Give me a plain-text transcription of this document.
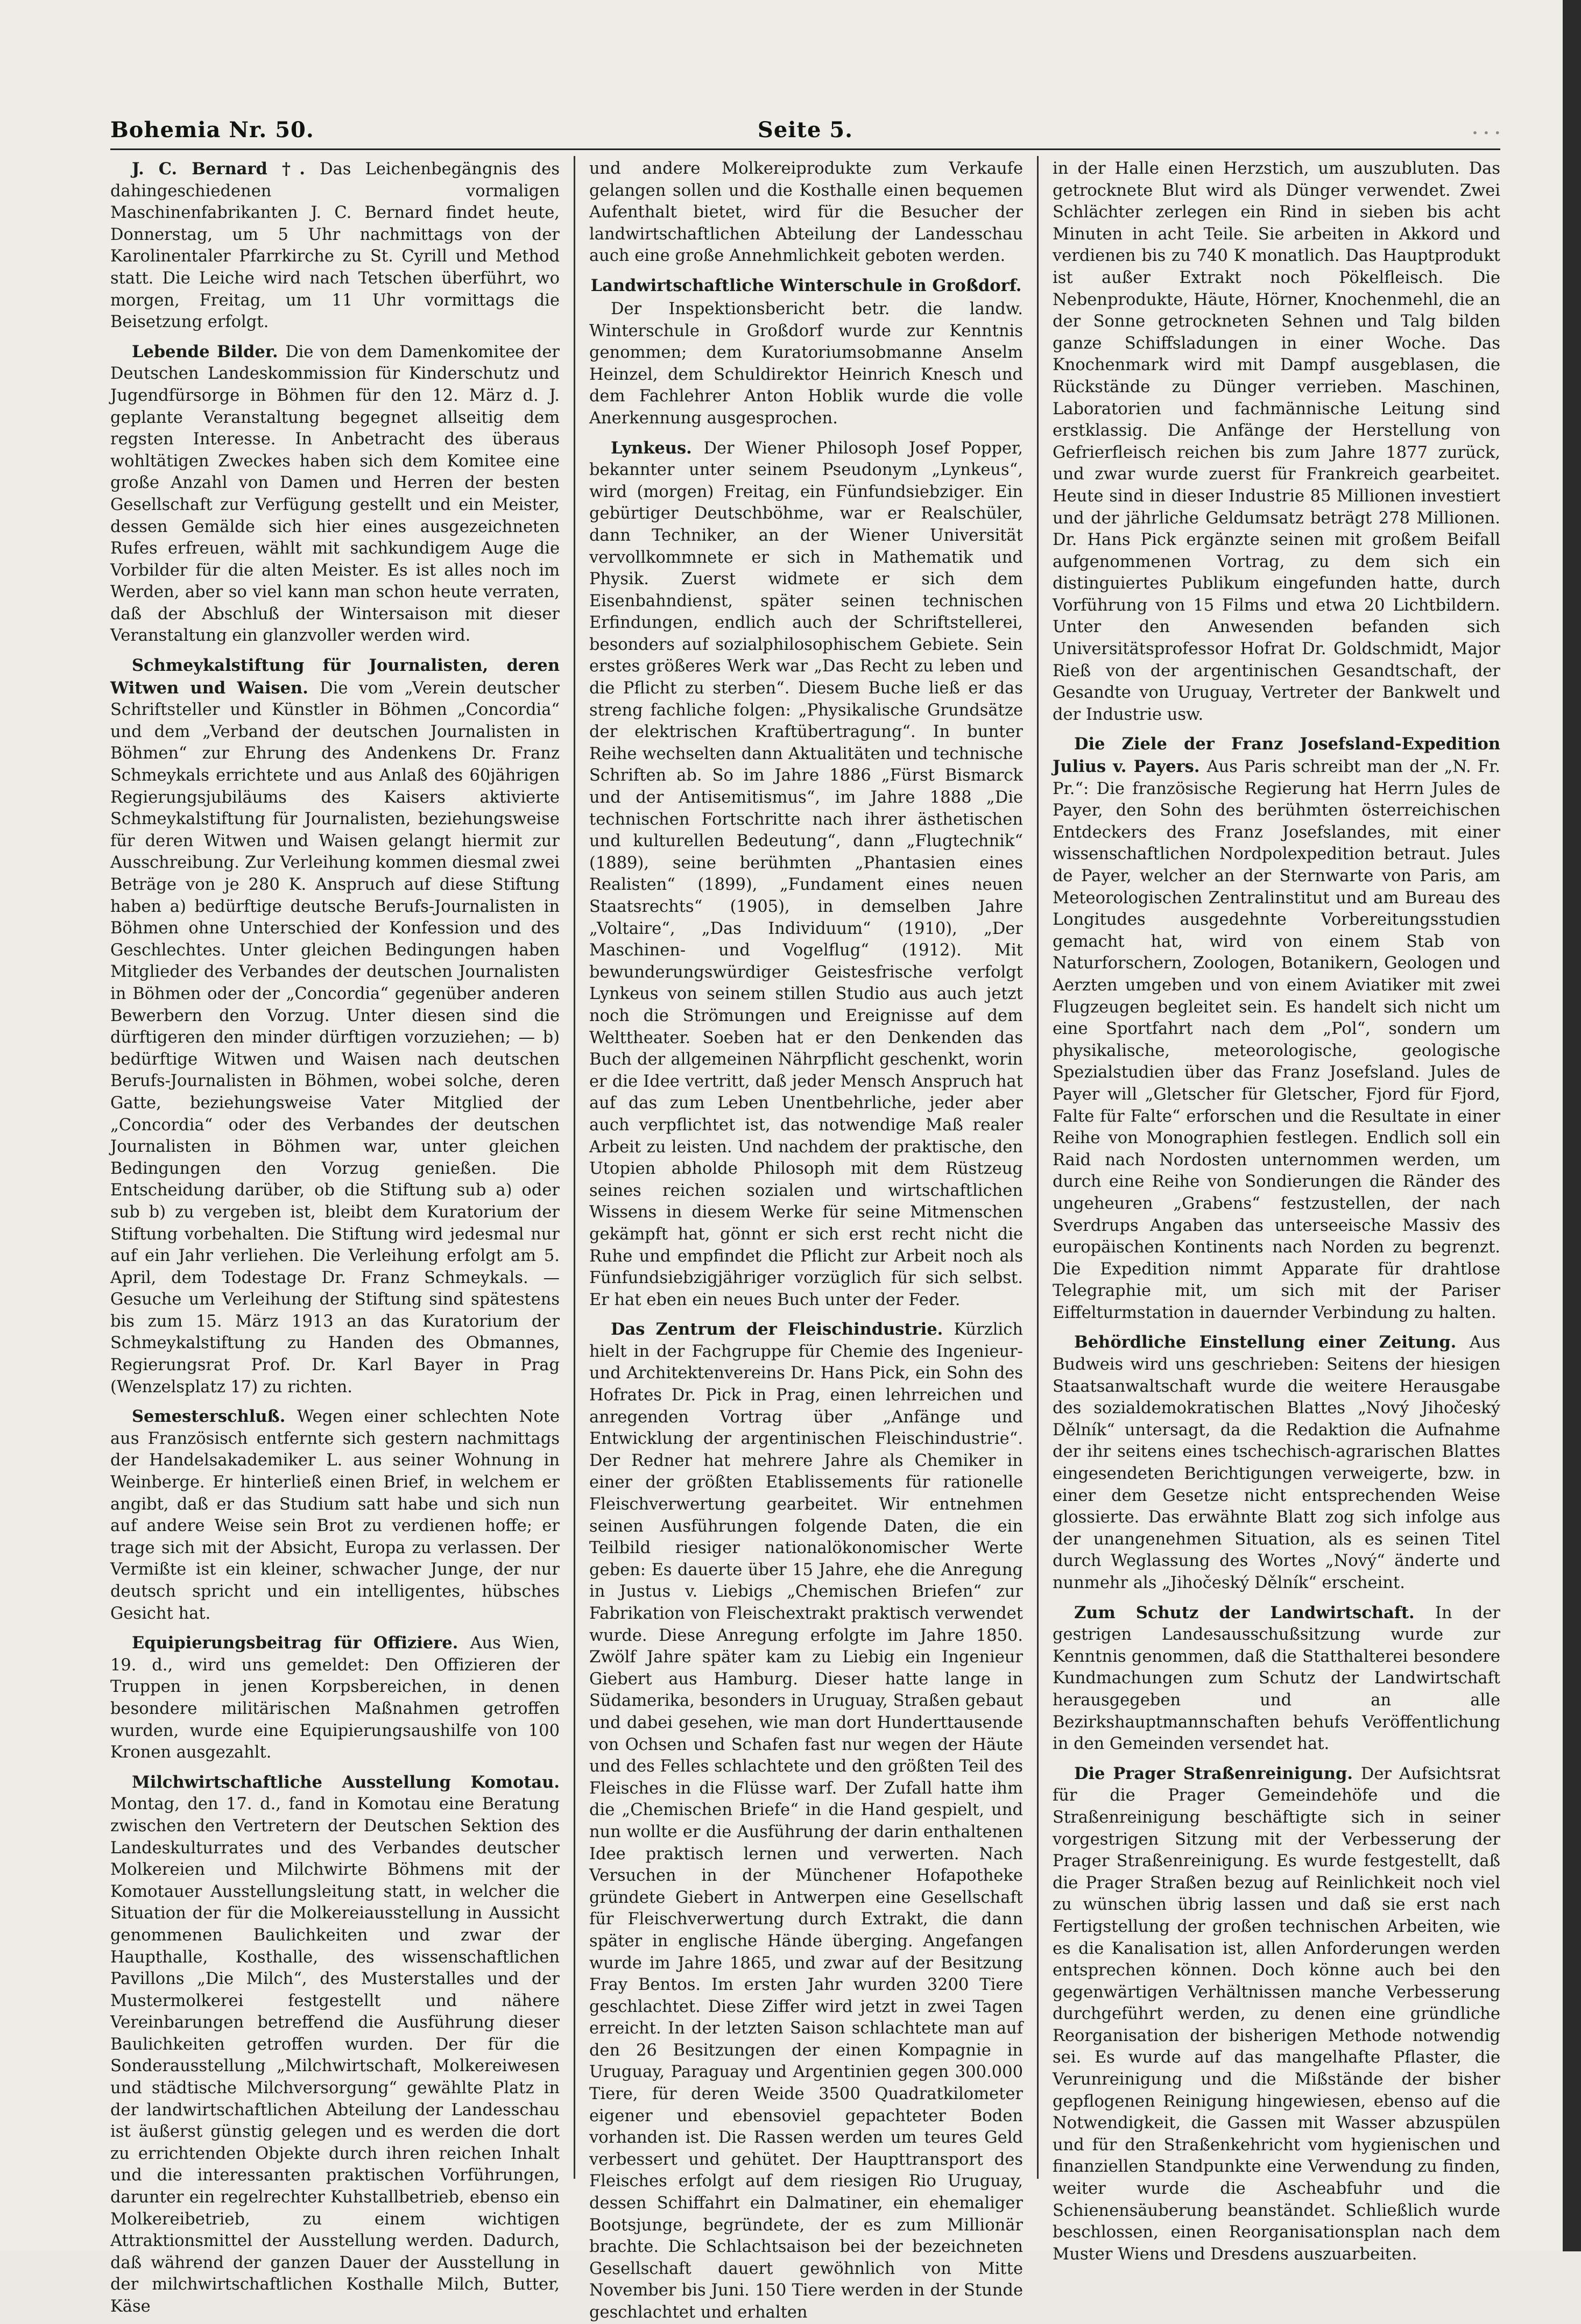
Bohemia Nr. 50.	Seite 5.	· · ·

J. C. Bernard †. Das Leichenbegängnis des dahingeschiedenen vormaligen Maschinenfabrikanten J. C. Bernard findet heute, Donnerstag, um 5 Uhr nachmittags von der Karolinentaler Pfarrkirche zu St. Cyrill und Method statt. Die Leiche wird nach Tetschen überführt, wo morgen, Freitag, um 11 Uhr vormittags die Beisetzung erfolgt.

Lebende Bilder. Die von dem Damenkomitee der Deutschen Landeskommission für Kinderschutz und Jugendfürsorge in Böhmen für den 12. März d. J. geplante Veranstaltung begegnet allseitig dem regsten Interesse. In Anbetracht des überaus wohltätigen Zweckes haben sich dem Komitee eine große Anzahl von Damen und Herren der besten Gesellschaft zur Verfügung gestellt und ein Meister, dessen Gemälde sich hier eines ausgezeichneten Rufes erfreuen, wählt mit sachkundigem Auge die Vorbilder für die alten Meister. Es ist alles noch im Werden, aber so viel kann man schon heute verraten, daß der Abschluß der Wintersaison mit dieser Veranstaltung ein glanzvoller werden wird.

Schmeykalstiftung für Journalisten, deren Witwen und Waisen. Die vom „Verein deutscher Schriftsteller und Künstler in Böhmen „Concordia“ und dem „Verband der deutschen Journalisten in Böhmen“ zur Ehrung des Andenkens Dr. Franz Schmeykals errichtete und aus Anlaß des 60jährigen Regierungsjubiläums des Kaisers aktivierte Schmeykalstiftung für Journalisten, beziehungsweise für deren Witwen und Waisen gelangt hiermit zur Ausschreibung. Zur Verleihung kommen diesmal zwei Beträge von je 280 K. Anspruch auf diese Stiftung haben a) bedürftige deutsche Berufs-Journalisten in Böhmen ohne Unterschied der Konfession und des Geschlechtes. Unter gleichen Bedingungen haben Mitglieder des Verbandes der deutschen Journalisten in Böhmen oder der „Concordia“ gegenüber anderen Bewerbern den Vorzug. Unter diesen sind die dürftigeren den minder dürftigen vorzuziehen; — b) bedürftige Witwen und Waisen nach deutschen Berufs-Journalisten in Böhmen, wobei solche, deren Gatte, beziehungsweise Vater Mitglied der „Concordia“ oder des Verbandes der deutschen Journalisten in Böhmen war, unter gleichen Bedingungen den Vorzug genießen. Die Entscheidung darüber, ob die Stiftung sub a) oder sub b) zu vergeben ist, bleibt dem Kuratorium der Stiftung vorbehalten. Die Stiftung wird jedesmal nur auf ein Jahr verliehen. Die Verleihung erfolgt am 5. April, dem Todestage Dr. Franz Schmeykals. — Gesuche um Verleihung der Stiftung sind spätestens bis zum 15. März 1913 an das Kuratorium der Schmeykalstiftung zu Handen des Obmannes, Regierungsrat Prof. Dr. Karl Bayer in Prag (Wenzelsplatz 17) zu richten.

Semesterschluß. Wegen einer schlechten Note aus Französisch entfernte sich gestern nachmittags der Handelsakademiker L. aus seiner Wohnung in Weinberge. Er hinterließ einen Brief, in welchem er angibt, daß er das Studium satt habe und sich nun auf andere Weise sein Brot zu verdienen hoffe; er trage sich mit der Absicht, Europa zu verlassen. Der Vermißte ist ein kleiner, schwacher Junge, der nur deutsch spricht und ein intelligentes, hübsches Gesicht hat.

Equipierungsbeitrag für Offiziere. Aus Wien, 19. d., wird uns gemeldet: Den Offizieren der Truppen in jenen Korpsbereichen, in denen besondere militärischen Maßnahmen getroffen wurden, wurde eine Equipierungsaushilfe von 100 Kronen ausgezahlt.

Milchwirtschaftliche Ausstellung Komotau. Montag, den 17. d., fand in Komotau eine Beratung zwischen den Vertretern der Deutschen Sektion des Landeskulturrates und des Verbandes deutscher Molkereien und Milchwirte Böhmens mit der Komotauer Ausstellungsleitung statt, in welcher die Situation der für die Molkereiausstellung in Aussicht genommenen Baulichkeiten und zwar der Haupthalle, Kosthalle, des wissenschaftlichen Pavillons „Die Milch“, des Musterstalles und der Mustermolkerei festgestellt und nähere Vereinbarungen betreffend die Ausführung dieser Baulichkeiten getroffen wurden. Der für die Sonderausstellung „Milchwirtschaft, Molkereiwesen und städtische Milchversorgung“ gewählte Platz in der landwirtschaftlichen Abteilung der Landesschau ist äußerst günstig gelegen und es werden die dort zu errichtenden Objekte durch ihren reichen Inhalt und die interessanten praktischen Vorführungen, darunter ein regelrechter Kuhstallbetrieb, ebenso ein Molkereibetrieb, zu einem wichtigen Attraktionsmittel der Ausstellung werden. Dadurch, daß während der ganzen Dauer der Ausstellung in der milchwirtschaftlichen Kosthalle Milch, Butter, Käse

und andere Molkereiprodukte zum Verkaufe gelangen sollen und die Kosthalle einen bequemen Aufenthalt bietet, wird für die Besucher der landwirtschaftlichen Abteilung der Landesschau auch eine große Annehmlichkeit geboten werden.

Landwirtschaftliche Winterschule in Großdorf.

Der Inspektionsbericht betr. die landw. Winterschule in Großdorf wurde zur Kenntnis genommen; dem Kuratoriumsobmanne Anselm Heinzel, dem Schuldirektor Heinrich Knesch und dem Fachlehrer Anton Hoblik wurde die volle Anerkennung ausgesprochen.

Lynkeus. Der Wiener Philosoph Josef Popper, bekannter unter seinem Pseudonym „Lynkeus“, wird (morgen) Freitag, ein Fünfundsiebziger. Ein gebürtiger Deutschböhme, war er Realschüler, dann Techniker, an der Wiener Universität vervollkommnete er sich in Mathematik und Physik. Zuerst widmete er sich dem Eisenbahndienst, später seinen technischen Erfindungen, endlich auch der Schriftstellerei, besonders auf sozialphilosophischem Gebiete. Sein erstes größeres Werk war „Das Recht zu leben und die Pflicht zu sterben“. Diesem Buche ließ er das streng fachliche folgen: „Physikalische Grundsätze der elektrischen Kraftübertragung“. In bunter Reihe wechselten dann Aktualitäten und technische Schriften ab. So im Jahre 1886 „Fürst Bismarck und der Antisemitismus“, im Jahre 1888 „Die technischen Fortschritte nach ihrer ästhetischen und kulturellen Bedeutung“, dann „Flugtechnik“ (1889), seine berühmten „Phantasien eines Realisten“ (1899), „Fundament eines neuen Staatsrechts“ (1905), in demselben Jahre „Voltaire“, „Das Individuum“ (1910), „Der Maschinen- und Vogelflug“ (1912). Mit bewunderungswürdiger Geistesfrische verfolgt Lynkeus von seinem stillen Studio aus auch jetzt noch die Strömungen und Ereignisse auf dem Welttheater. Soeben hat er den Denkenden das Buch der allgemeinen Nährpflicht geschenkt, worin er die Idee vertritt, daß jeder Mensch Anspruch hat auf das zum Leben Unentbehrliche, jeder aber auch verpflichtet ist, das notwendige Maß realer Arbeit zu leisten. Und nachdem der praktische, den Utopien abholde Philosoph mit dem Rüstzeug seines reichen sozialen und wirtschaftlichen Wissens in diesem Werke für seine Mitmenschen gekämpft hat, gönnt er sich erst recht nicht die Ruhe und empfindet die Pflicht zur Arbeit noch als Fünfundsiebzigjähriger vorzüglich für sich selbst. Er hat eben ein neues Buch unter der Feder.

Das Zentrum der Fleischindustrie. Kürzlich hielt in der Fachgruppe für Chemie des Ingenieur- und Architektenvereins Dr. Hans Pick, ein Sohn des Hofrates Dr. Pick in Prag, einen lehrreichen und anregenden Vortrag über „Anfänge und Entwicklung der argentinischen Fleischindustrie“. Der Redner hat mehrere Jahre als Chemiker in einer der größten Etablissements für rationelle Fleischverwertung gearbeitet. Wir entnehmen seinen Ausführungen folgende Daten, die ein Teilbild riesiger nationalökonomischer Werte geben: Es dauerte über 15 Jahre, ehe die Anregung in Justus v. Liebigs „Chemischen Briefen“ zur Fabrikation von Fleischextrakt praktisch verwendet wurde. Diese Anregung erfolgte im Jahre 1850. Zwölf Jahre später kam zu Liebig ein Ingenieur Giebert aus Hamburg. Dieser hatte lange in Südamerika, besonders in Uruguay, Straßen gebaut und dabei gesehen, wie man dort Hunderttausende von Ochsen und Schafen fast nur wegen der Häute und des Felles schlachtete und den größten Teil des Fleisches in die Flüsse warf. Der Zufall hatte ihm die „Chemischen Briefe“ in die Hand gespielt, und nun wollte er die Ausführung der darin enthaltenen Idee praktisch lernen und verwerten. Nach Versuchen in der Münchener Hofapotheke gründete Giebert in Antwerpen eine Gesellschaft für Fleischverwertung durch Extrakt, die dann später in englische Hände überging. Angefangen wurde im Jahre 1865, und zwar auf der Besitzung Fray Bentos. Im ersten Jahr wurden 3200 Tiere geschlachtet. Diese Ziffer wird jetzt in zwei Tagen erreicht. In der letzten Saison schlachtete man auf den 26 Besitzungen der einen Kompagnie in Uruguay, Paraguay und Argentinien gegen 300.000 Tiere, für deren Weide 3500 Quadratkilometer eigener und ebensoviel gepachteter Boden vorhanden ist. Die Rassen werden um teures Geld verbessert und gehütet. Der Haupttransport des Fleisches erfolgt auf dem riesigen Rio Uruguay, dessen Schiffahrt ein Dalmatiner, ein ehemaliger Bootsjunge, begründete, der es zum Millionär brachte. Die Schlachtsaison bei der bezeichneten Gesellschaft dauert gewöhnlich von Mitte November bis Juni. 150 Tiere werden in der Stunde geschlachtet und erhalten

in der Halle einen Herzstich, um auszubluten. Das getrocknete Blut wird als Dünger verwendet. Zwei Schlächter zerlegen ein Rind in sieben bis acht Minuten in acht Teile. Sie arbeiten in Akkord und verdienen bis zu 740 K monatlich. Das Hauptprodukt ist außer Extrakt noch Pökelfleisch. Die Nebenprodukte, Häute, Hörner, Knochenmehl, die an der Sonne getrockneten Sehnen und Talg bilden ganze Schiffsladungen in einer Woche. Das Knochenmark wird mit Dampf ausgeblasen, die Rückstände zu Dünger verrieben. Maschinen, Laboratorien und fachmännische Leitung sind erstklassig. Die Anfänge der Herstellung von Gefrierfleisch reichen bis zum Jahre 1877 zurück, und zwar wurde zuerst für Frankreich gearbeitet. Heute sind in dieser Industrie 85 Millionen investiert und der jährliche Geldumsatz beträgt 278 Millionen. Dr. Hans Pick ergänzte seinen mit großem Beifall aufgenommenen Vortrag, zu dem sich ein distinguiertes Publikum eingefunden hatte, durch Vorführung von 15 Films und etwa 20 Lichtbildern. Unter den Anwesenden befanden sich Universitätsprofessor Hofrat Dr. Goldschmidt, Major Rieß von der argentinischen Gesandtschaft, der Gesandte von Uruguay, Vertreter der Bankwelt und der Industrie usw.

Die Ziele der Franz Josefsland-Expedition Julius v. Payers. Aus Paris schreibt man der „N. Fr. Pr.“: Die französische Regierung hat Herrn Jules de Payer, den Sohn des berühmten österreichischen Entdeckers des Franz Josefslandes, mit einer wissenschaftlichen Nordpolexpedition betraut. Jules de Payer, welcher an der Sternwarte von Paris, am Meteorologischen Zentralinstitut und am Bureau des Longitudes ausgedehnte Vorbereitungsstudien gemacht hat, wird von einem Stab von Naturforschern, Zoologen, Botanikern, Geologen und Aerzten umgeben und von einem Aviatiker mit zwei Flugzeugen begleitet sein. Es handelt sich nicht um eine Sportfahrt nach dem „Pol“, sondern um physikalische, meteorologische, geologische Spezialstudien über das Franz Josefsland. Jules de Payer will „Gletscher für Gletscher, Fjord für Fjord, Falte für Falte“ erforschen und die Resultate in einer Reihe von Monographien festlegen. Endlich soll ein Raid nach Nordosten unternommen werden, um durch eine Reihe von Sondierungen die Ränder des ungeheuren „Grabens“ festzustellen, der nach Sverdrups Angaben das unterseeische Massiv des europäischen Kontinents nach Norden zu begrenzt. Die Expedition nimmt Apparate für drahtlose Telegraphie mit, um sich mit der Pariser Eiffelturmstation in dauernder Verbindung zu halten.

Behördliche Einstellung einer Zeitung. Aus Budweis wird uns geschrieben: Seitens der hiesigen Staatsanwaltschaft wurde die weitere Herausgabe des sozialdemokratischen Blattes „Nový Jihočeský Dělník“ untersagt, da die Redaktion die Aufnahme der ihr seitens eines tschechisch-agrarischen Blattes eingesendeten Berichtigungen verweigerte, bzw. in einer dem Gesetze nicht entsprechenden Weise glossierte. Das erwähnte Blatt zog sich infolge aus der unangenehmen Situation, als es seinen Titel durch Weglassung des Wortes „Nový“ änderte und nunmehr als „Jihočeský Dělník“ erscheint.

Zum Schutz der Landwirtschaft. In der gestrigen Landesausschußsitzung wurde zur Kenntnis genommen, daß die Statthalterei besondere Kundmachungen zum Schutz der Landwirtschaft herausgegeben und an alle Bezirkshauptmannschaften behufs Veröffentlichung in den Gemeinden versendet hat.

Die Prager Straßenreinigung. Der Aufsichtsrat für die Prager Gemeindehöfe und die Straßenreinigung beschäftigte sich in seiner vorgestrigen Sitzung mit der Verbesserung der Prager Straßenreinigung. Es wurde festgestellt, daß die Prager Straßen bezug auf Reinlichkeit noch viel zu wünschen übrig lassen und daß sie erst nach Fertigstellung der großen technischen Arbeiten, wie es die Kanalisation ist, allen Anforderungen werden entsprechen können. Doch könne auch bei den gegenwärtigen Verhältnissen manche Verbesserung durchgeführt werden, zu denen eine gründliche Reorganisation der bisherigen Methode notwendig sei. Es wurde auf das mangelhafte Pflaster, die Verunreinigung und die Mißstände der bisher gepflogenen Reinigung hingewiesen, ebenso auf die Notwendigkeit, die Gassen mit Wasser abzuspülen und für den Straßenkehricht vom hygienischen und finanziellen Standpunkte eine Verwendung zu finden, weiter wurde die Ascheabfuhr und die Schienensäuberung beanständet. Schließlich wurde beschlossen, einen Reorganisationsplan nach dem Muster Wiens und Dresdens auszuarbeiten.
